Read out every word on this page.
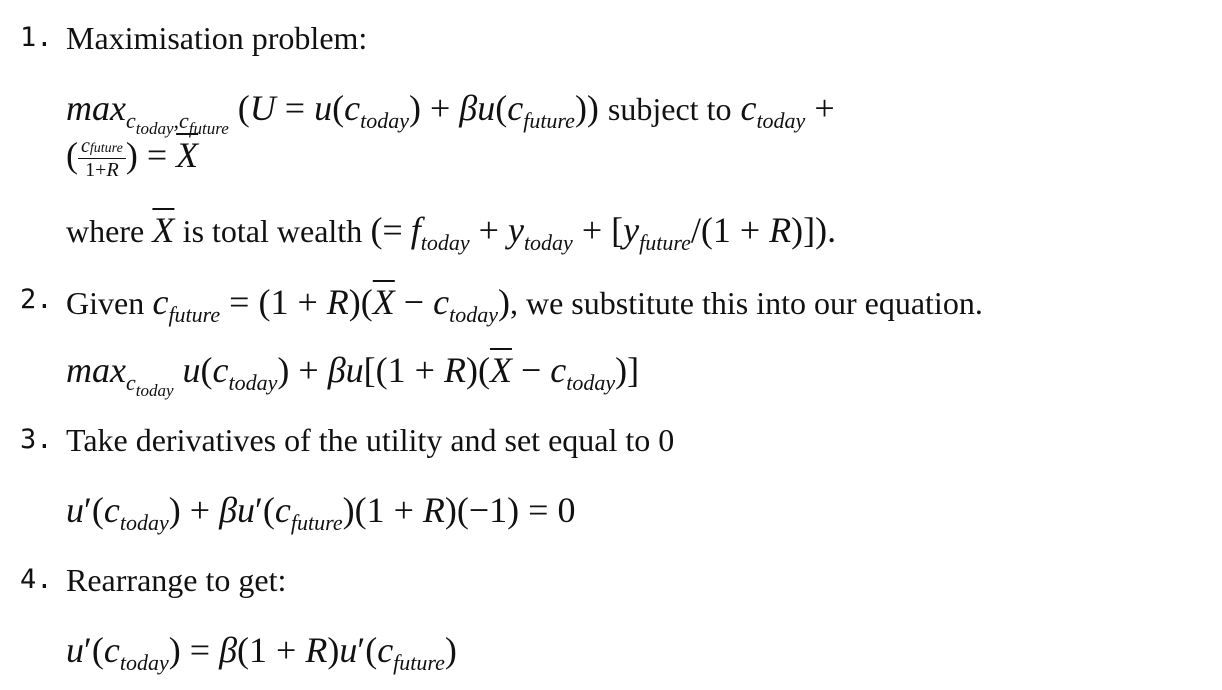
1. Maximisation problem:
$\max_{c_{today},c_{future}} (U = u(c_{today}) + \beta u(c_{future}))$ subject to $c_{today}$ +
( $\frac{\text{cfuture}}{1+R}$ ) = $\overline{X}$
where $\overline{X}$ is total wealth (= $f_{today} + y_{today} + [y_{future}/(1 + R)]$).
2. Given $c_{future} = (1 + R)(\overline{X} - c_{today})$, we substitute this into our equation.
$\max_{c_{today}} u(c_{today}) + \beta u[(1 + R)(\overline{X} - c_{today})]$
3. Take derivatives of the utility and set equal to 0
$u'(c_{today}) + \beta u'(c_{future})(1 + R)(-1) = 0$
4. Rearrange to get:
$u'(c_{today}) = \beta(1 + R)u'(c_{future})$
